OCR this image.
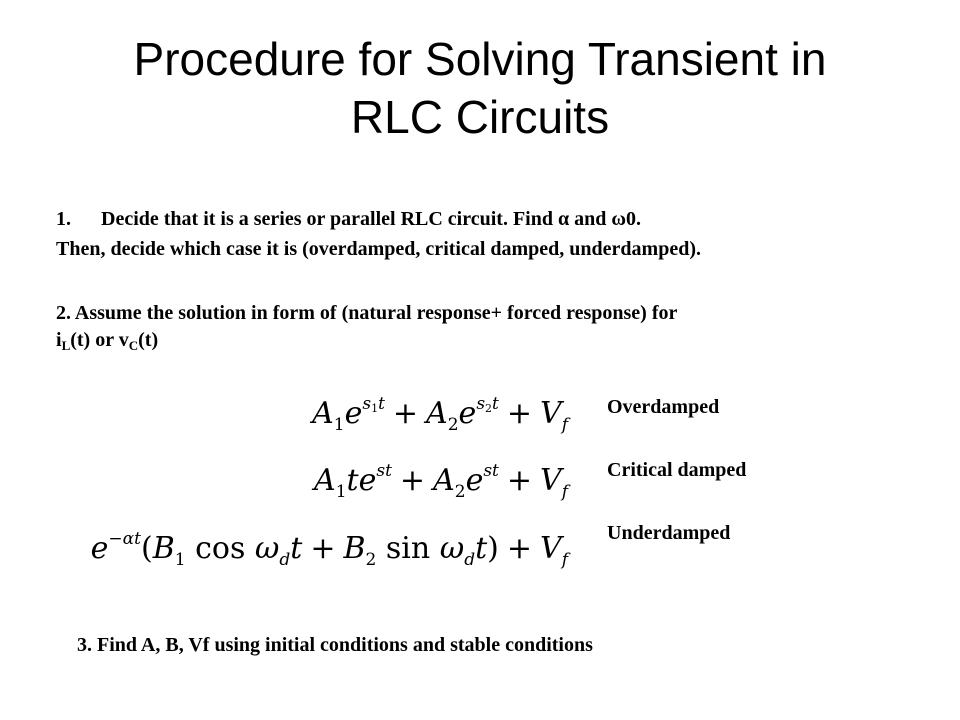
Procedure for Solving Transient in
RLC Circuits
1. Decide that it is a series or parallel RLC circuit. Find α and ω0.
Then, decide which case it is (overdamped, critical damped, underdamped).
2. Assume the solution in form of (natural response+ forced response) for
$i_L(t)$ or $v_C(t)$
$A_1e^{s_1t} + A_2e^{s_2t} + V_f$
$A_1te^{st} + A_2e^{st} + V_f$
$e^{-\alpha t}(B_1$ $\cos \omega_dt + B_2$ $\sin \omega_dt) + V_f$
Overdamped
Critical damped
Underdamped
3. Find A, B, Vf using initial conditions and stable conditions
